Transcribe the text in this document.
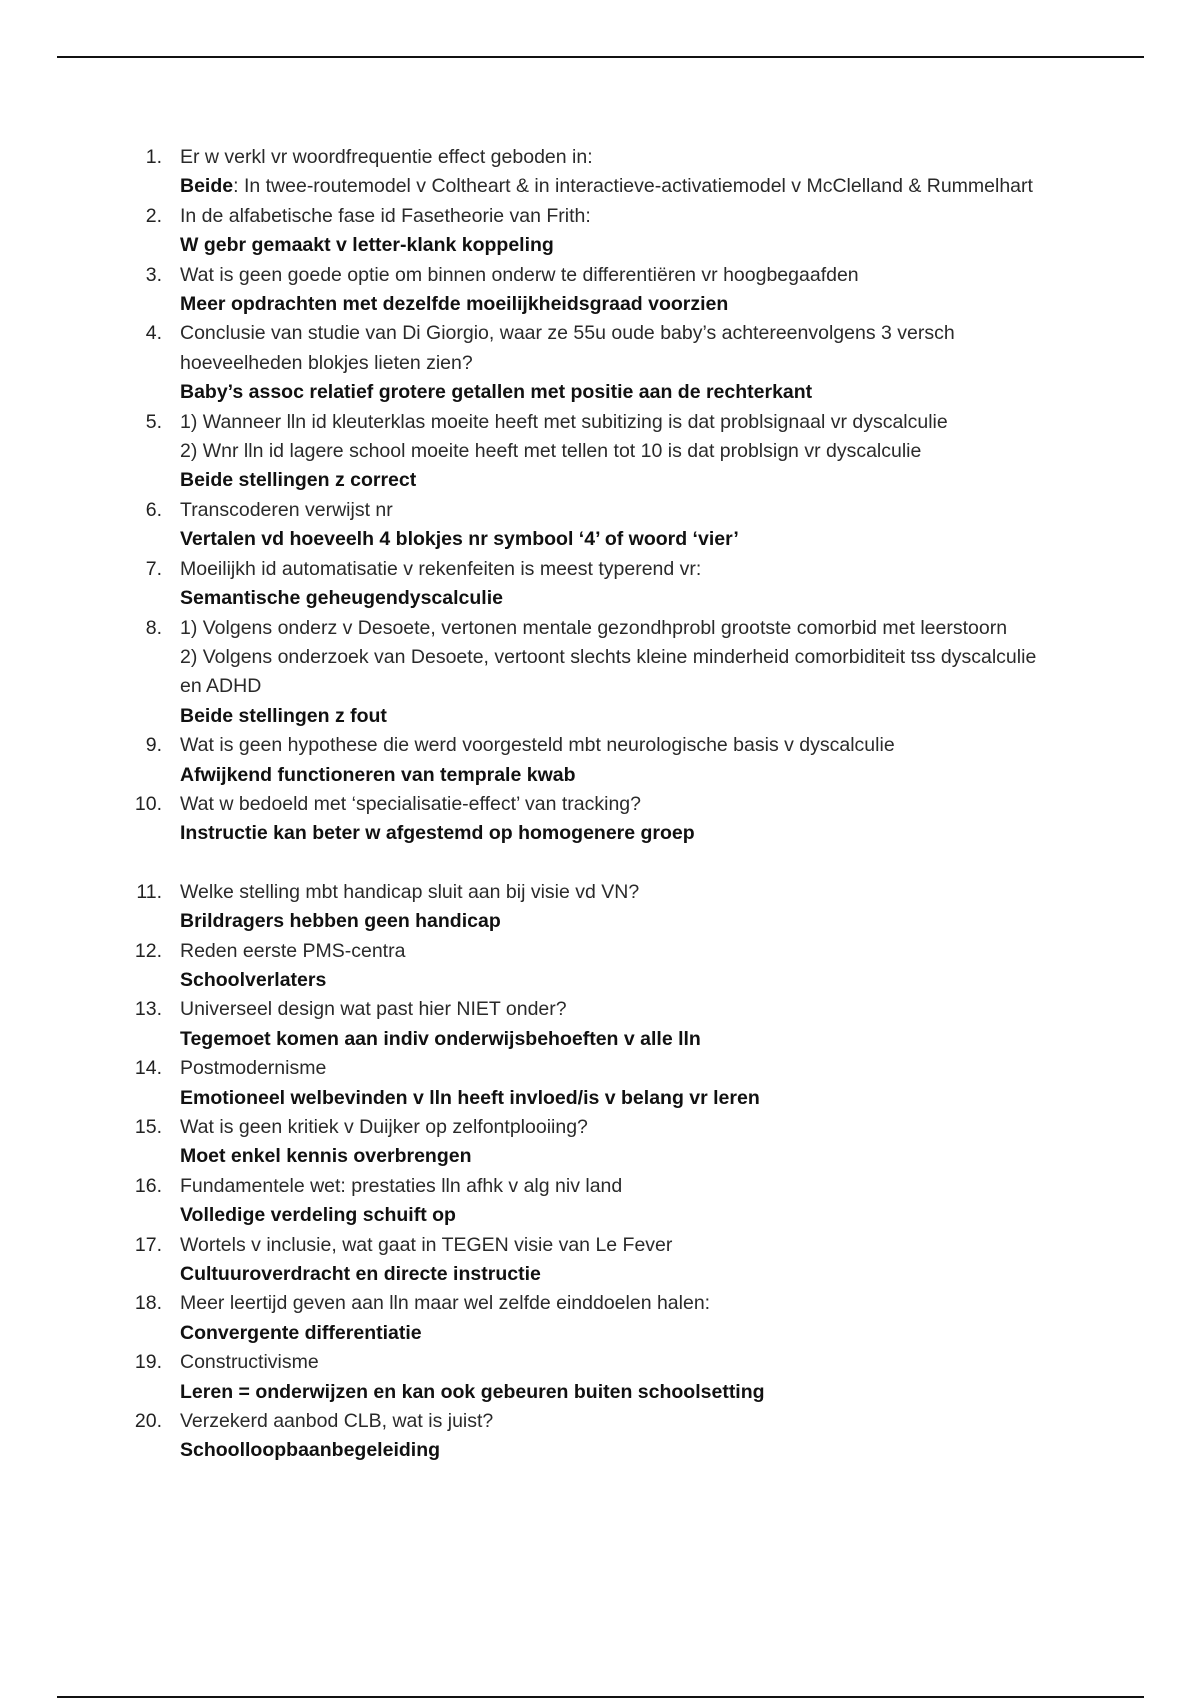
1. Er w verkl vr woordfrequentie effect geboden in:
Beide: In twee-routemodel v Coltheart & in interactieve-activatiemodel v McClelland & Rummelhart
2. In de alfabetische fase id Fasetheorie van Frith:
W gebr gemaakt v letter-klank koppeling
3. Wat is geen goede optie om binnen onderw te differentiëren vr hoogbegaafden
Meer opdrachten met dezelfde moeilijkheidsgraad voorzien
4. Conclusie van studie van Di Giorgio, waar ze 55u oude baby’s achtereenvolgens 3 versch hoeveelheden blokjes lieten zien?
Baby’s assoc relatief grotere getallen met positie aan de rechterkant
5. 1) Wanneer lln id kleuterklas moeite heeft met subitizing is dat problsignaal vr dyscalculie
2) Wnr lln id lagere school moeite heeft met tellen tot 10 is dat problsign vr dyscalculie
Beide stellingen z correct
6. Transcoderen verwijst nr
Vertalen vd hoeveelh 4 blokjes nr symbool ‘4’ of woord ‘vier’
7. Moeilijkh id automatisatie v rekenfeiten is meest typerend vr:
Semantische geheugendyscalculie
8. 1) Volgens onderz v Desoete, vertonen mentale gezondhprobl grootste comorbid met leerstoorn
2) Volgens onderzoek van Desoete, vertoont slechts kleine minderheid comorbiditeit tss dyscalculie en ADHD
Beide stellingen z fout
9. Wat is geen hypothese die werd voorgesteld mbt neurologische basis v dyscalculie
Afwijkend functioneren van temprale kwab
10. Wat w bedoeld met ‘specialisatie-effect’ van tracking?
Instructie kan beter w afgestemd op homogenere groep
11. Welke stelling mbt handicap sluit aan bij visie vd VN?
Brildragers hebben geen handicap
12. Reden eerste PMS-centra
Schoolverlaters
13. Universeel design wat past hier NIET onder?
Tegemoet komen aan indiv onderwijsbehoeften v alle lln
14. Postmodernisme
Emotioneel welbevinden v lln heeft invloed/is v belang vr leren
15. Wat is geen kritiek v Duijker op zelfontplooiing?
Moet enkel kennis overbrengen
16. Fundamentele wet: prestaties lln afhk v alg niv land
Volledige verdeling schuift op
17. Wortels v inclusie, wat gaat in TEGEN visie van Le Fever
Cultuuroverdracht en directe instructie
18. Meer leertijd geven aan lln maar wel zelfde einddoelen halen:
Convergente differentiatie
19. Constructivisme
Leren = onderwijzen en kan ook gebeuren buiten schoolsetting
20. Verzekerd aanbod CLB, wat is juist?
Schoolloopbaanbegeleiding
